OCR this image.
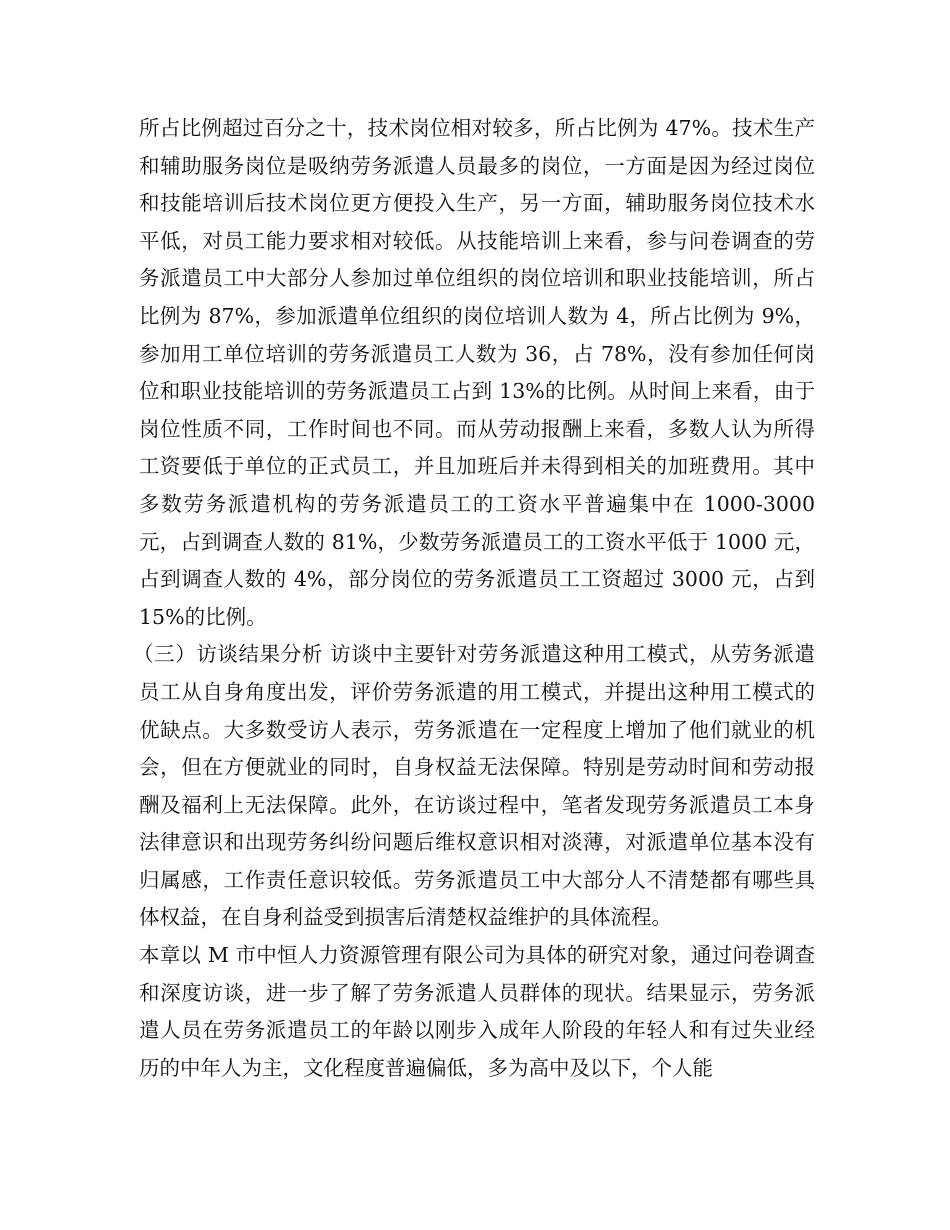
所占比例超过百分之十，技术岗位相对较多，所占比例为 47%。技术生产和辅助服务岗位是吸纳劳务派遣人员最多的岗位，一方面是因为经过岗位和技能培训后技术岗位更方便投入生产，另一方面，辅助服务岗位技术水平低，对员工能力要求相对较低。从技能培训上来看，参与问卷调查的劳务派遣员工中大部分人参加过单位组织的岗位培训和职业技能培训，所占比例为 87%，参加派遣单位组织的岗位培训人数为 4，所占比例为 9%，参加用工单位培训的劳务派遣员工人数为 36，占 78%，没有参加任何岗位和职业技能培训的劳务派遣员工占到 13%的比例。从时间上来看，由于岗位性质不同，工作时间也不同。而从劳动报酬上来看，多数人认为所得工资要低于单位的正式员工，并且加班后并未得到相关的加班费用。其中多数劳务派遣机构的劳务派遣员工的工资水平普遍集中在 1000-3000 元，占到调查人数的 81%，少数劳务派遣员工的工资水平低于 1000 元，占到调查人数的 4%，部分岗位的劳务派遣员工工资超过 3000 元，占到 15%的比例。

（三）访谈结果分析 访谈中主要针对劳务派遣这种用工模式，从劳务派遣员工从自身角度出发，评价劳务派遣的用工模式，并提出这种用工模式的优缺点。大多数受访人表示，劳务派遣在一定程度上增加了他们就业的机会，但在方便就业的同时，自身权益无法保障。特别是劳动时间和劳动报酬及福利上无法保障。此外，在访谈过程中，笔者发现劳务派遣员工本身法律意识和出现劳务纠纷问题后维权意识相对淡薄，对派遣单位基本没有归属感，工作责任意识较低。劳务派遣员工中大部分人不清楚都有哪些具体权益，在自身利益受到损害后清楚权益维护的具体流程。

本章以 M 市中恒人力资源管理有限公司为具体的研究对象，通过问卷调查和深度访谈，进一步了解了劳务派遣人员群体的现状。结果显示，劳务派遣人员在劳务派遣员工的年龄以刚步入成年人阶段的年轻人和有过失业经历的中年人为主，文化程度普遍偏低，多为高中及以下，个人能
